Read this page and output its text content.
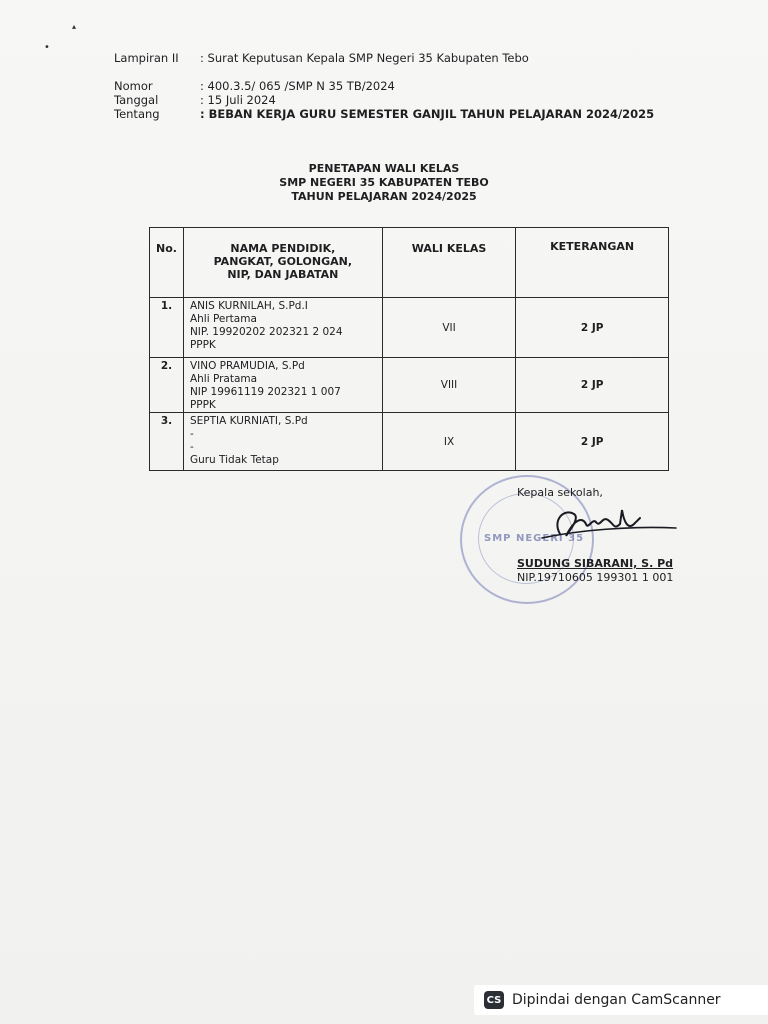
•
▴
Lampiran II : Surat Keputusan Kepala SMP Negeri 35 Kabupaten Tebo
Nomor	: 400.3.5/ 065 /SMP N 35 TB/2024
Tanggal	: 15 Juli 2024
Tentang	: BEBAN KERJA GURU SEMESTER GANJIL TAHUN PELAJARAN 2024/2025
PENETAPAN WALI KELAS
SMP NEGERI 35 KABUPATEN TEBO
TAHUN PELAJARAN 2024/2025
No.	NAMA PENDIDIK,
PANGKAT, GOLONGAN,
NIP, DAN JABATAN	WALI KELAS	KETERANGAN
1.	ANIS KURNILAH, S.Pd.I
Ahli Pertama
NIP. 19920202 202321 2 024
PPPK	VII	2 JP
2.	VINO PRAMUDIA, S.Pd
Ahli Pratama
NIP 19961119 202321 1 007
PPPK	VIII	2 JP
3.	SEPTIA KURNIATI, S.Pd
-
-
Guru Tidak Tetap	IX	2 JP
SMP NEGERI 35
Kepala sekolah,
SUDUNG SIBARANI, S. Pd
NIP.19710605 199301 1 001
CS Dipindai dengan CamScanner
